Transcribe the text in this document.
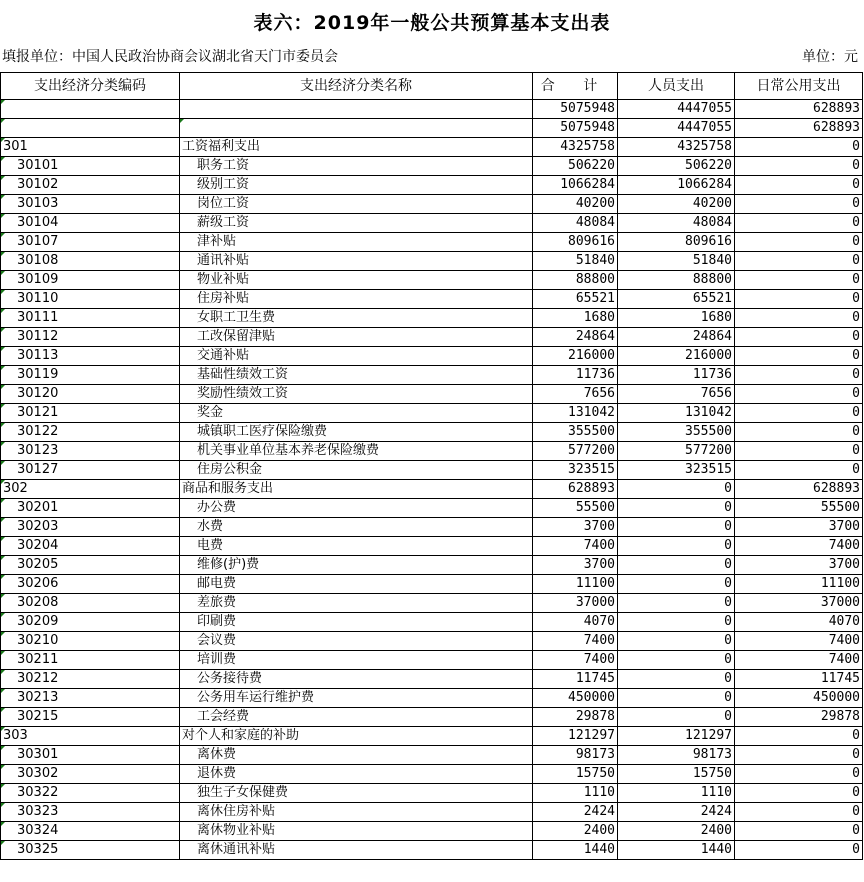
表六：2019年一般公共预算基本支出表
填报单位：中国人民政治协商会议湖北省天门市委员会	单位：元
支出经济分类编码	支出经济分类名称	合 计	人员支出	日常公用支出
		5075948	4447055	628893
		5075948	4447055	628893
301	工资福利支出	4325758	4325758	0
30101	职务工资	506220	506220	0
30102	级别工资	1066284	1066284	0
30103	岗位工资	40200	40200	0
30104	薪级工资	48084	48084	0
30107	津补贴	809616	809616	0
30108	通讯补贴	51840	51840	0
30109	物业补贴	88800	88800	0
30110	住房补贴	65521	65521	0
30111	女职工卫生费	1680	1680	0
30112	工改保留津贴	24864	24864	0
30113	交通补贴	216000	216000	0
30119	基础性绩效工资	11736	11736	0
30120	奖励性绩效工资	7656	7656	0
30121	奖金	131042	131042	0
30122	城镇职工医疗保险缴费	355500	355500	0
30123	机关事业单位基本养老保险缴费	577200	577200	0
30127	住房公积金	323515	323515	0
302	商品和服务支出	628893	0	628893
30201	办公费	55500	0	55500
30203	水费	3700	0	3700
30204	电费	7400	0	7400
30205	维修(护)费	3700	0	3700
30206	邮电费	11100	0	11100
30208	差旅费	37000	0	37000
30209	印刷费	4070	0	4070
30210	会议费	7400	0	7400
30211	培训费	7400	0	7400
30212	公务接待费	11745	0	11745
30213	公务用车运行维护费	450000	0	450000
30215	工会经费	29878	0	29878
303	对个人和家庭的补助	121297	121297	0
30301	离休费	98173	98173	0
30302	退休费	15750	15750	0
30322	独生子女保健费	1110	1110	0
30323	离休住房补贴	2424	2424	0
30324	离休物业补贴	2400	2400	0
30325	离休通讯补贴	1440	1440	0
